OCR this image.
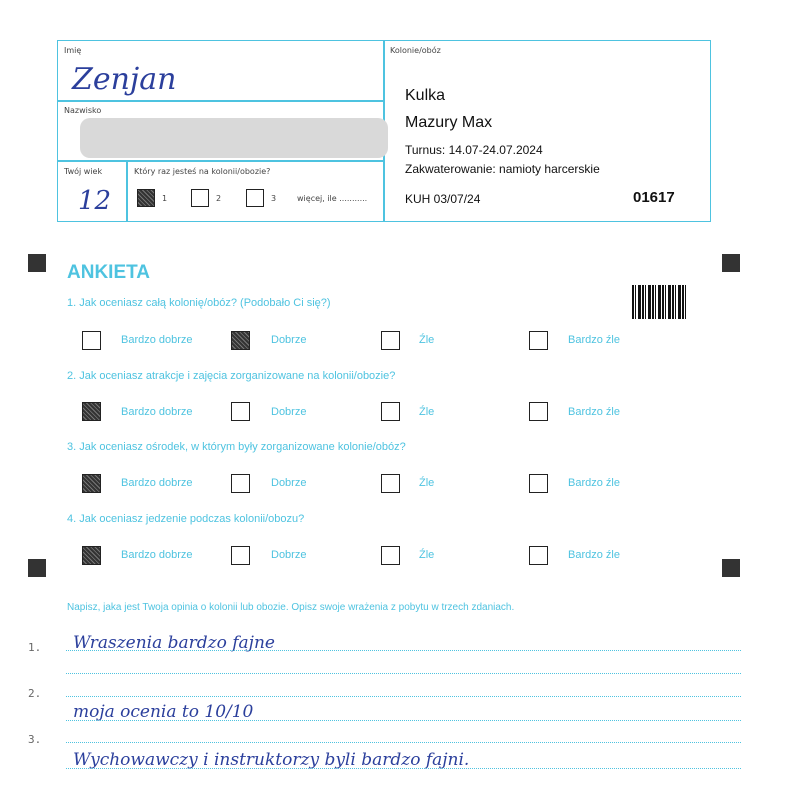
Imię
Zenjan
Nazwisko
Twój wiek
12
Który raz jesteś na kolonii/obozie?
1	2	3	więcej, ile ...........
Kolonie/obóz
Kulka
Mazury Max
Turnus: 14.07-24.07.2024
Zakwaterowanie: namioty harcerskie
KUH 03/07/24	01617
ANKIETA
1. Jak oceniasz całą kolonię/obóz? (Podobało Ci się?)
Bardzo dobrze	Dobrze	Źle	Bardzo źle
2. Jak oceniasz atrakcje i zajęcia zorganizowane na kolonii/obozie?
Bardzo dobrze	Dobrze	Źle	Bardzo źle
3. Jak oceniasz ośrodek, w którym były zorganizowane kolonie/obóz?
Bardzo dobrze	Dobrze	Źle	Bardzo źle
4. Jak oceniasz jedzenie podczas kolonii/obozu?
Bardzo dobrze	Dobrze	Źle	Bardzo źle
Napisz, jaka jest Twoja opinia o kolonii lub obozie. Opisz swoje wrażenia z pobytu w trzech zdaniach.
1. Wraszenia bardzo fajne
2.
moja ocenia to 10/10
3.
Wychowawczy i instruktorzy byli bardzo fajni.
